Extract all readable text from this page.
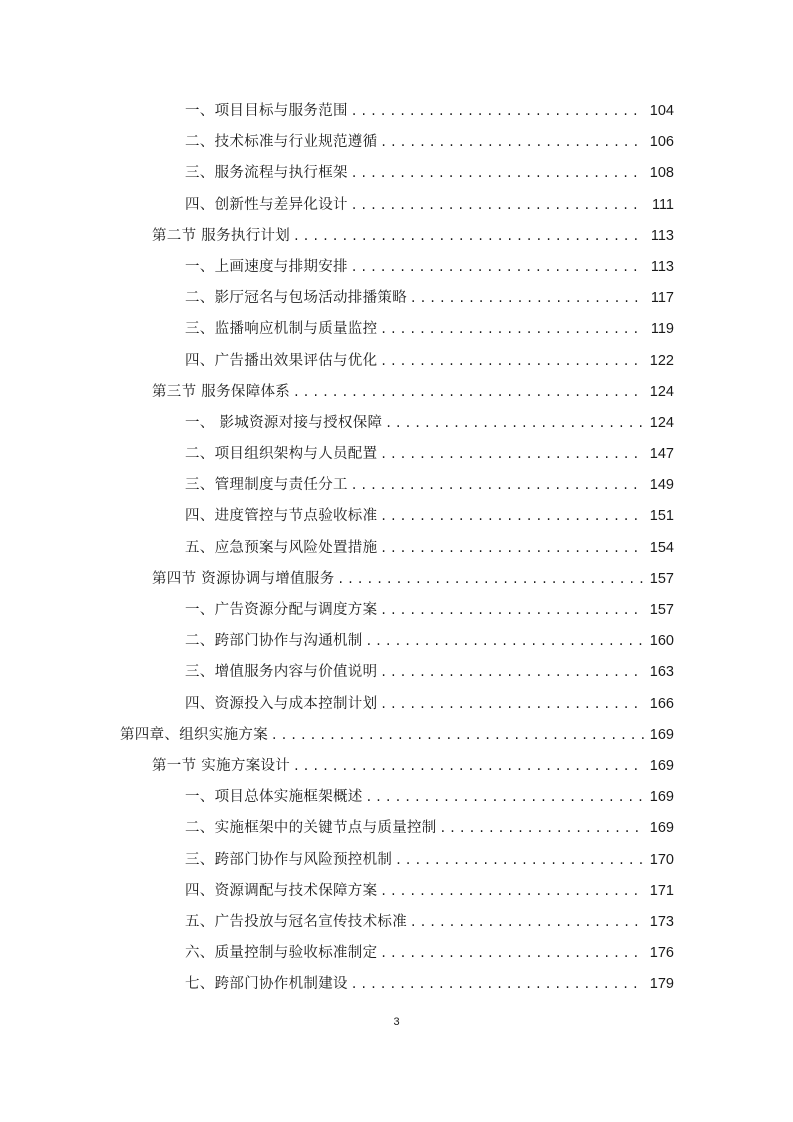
一、项目目标与服务范围 . . .	104
二、技术标准与行业规范遵循 . . .	106
三、服务流程与执行框架 . . .	108
四、创新性与差异化设计 . . .	111
第二节 服务执行计划 . . .	113
一、上画速度与排期安排 . . .	113
二、影厅冠名与包场活动排播策略 . . .	117
三、监播响应机制与质量监控 . . .	119
四、广告播出效果评估与优化 . . .	122
第三节 服务保障体系 . . .	124
一、 影城资源对接与授权保障 . . .	124
二、项目组织架构与人员配置 . . .	147
三、管理制度与责任分工 . . .	149
四、进度管控与节点验收标准 . . .	151
五、应急预案与风险处置措施 . . .	154
第四节 资源协调与增值服务 . . .	157
一、广告资源分配与调度方案 . . .	157
二、跨部门协作与沟通机制 . . .	160
三、增值服务内容与价值说明 . . .	163
四、资源投入与成本控制计划 . . .	166
第四章、组织实施方案 . . .	169
第一节 实施方案设计 . . .	169
一、项目总体实施框架概述 . . .	169
二、实施框架中的关键节点与质量控制 . . .	169
三、跨部门协作与风险预控机制 . . .	170
四、资源调配与技术保障方案 . . .	171
五、广告投放与冠名宣传技术标准 . . .	173
六、质量控制与验收标准制定 . . .	176
七、跨部门协作机制建设 . . .	179
3
